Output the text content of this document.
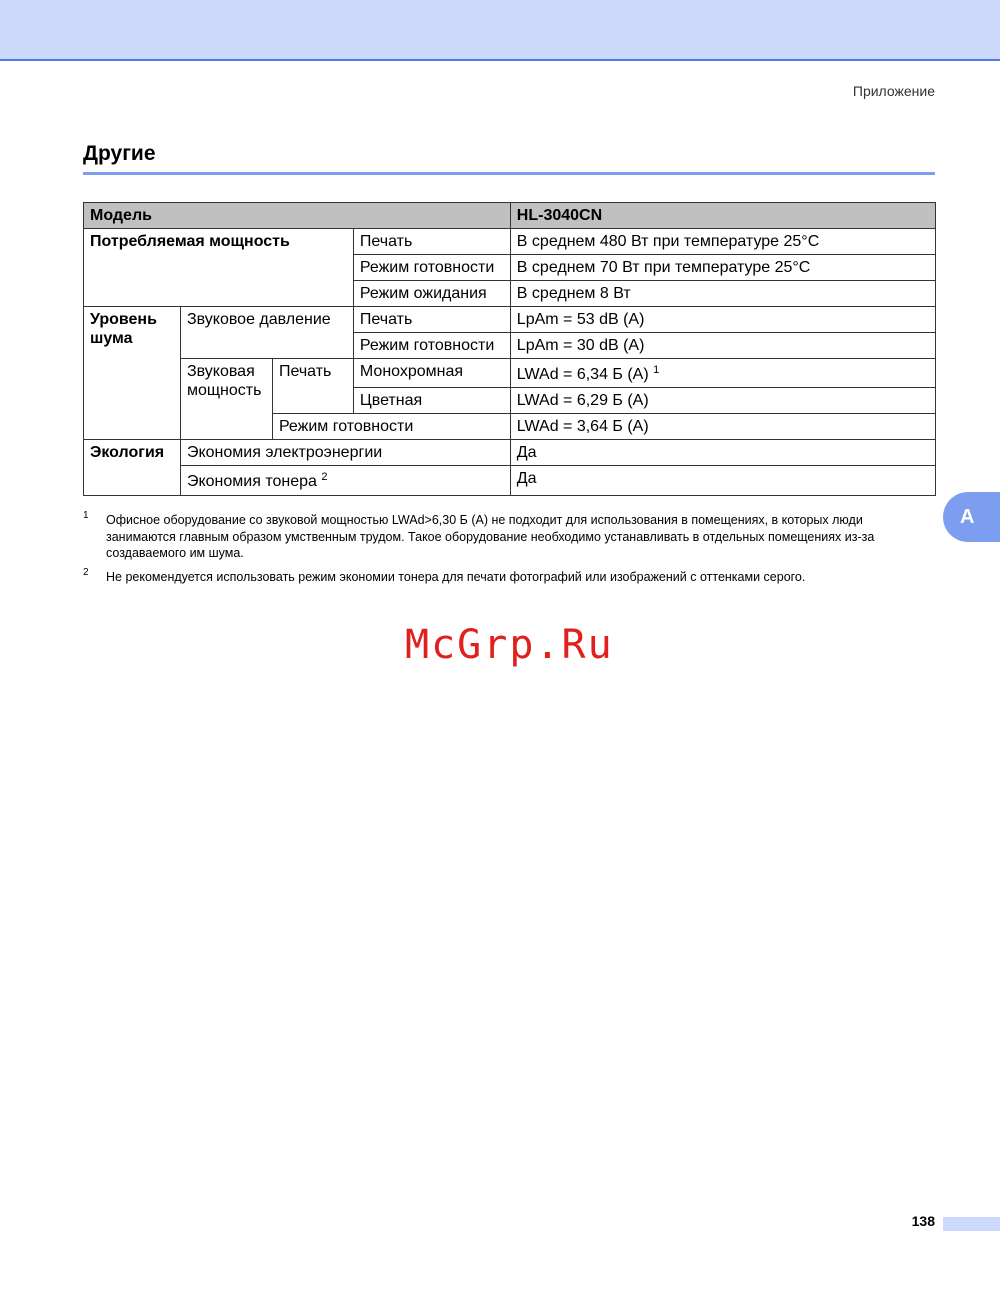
Приложение
Другие
Модель				HL-3040CN
Потребляемая мощность			Печать	В среднем 480 Вт при температуре 25°C
			Режим готовности	В среднем 70 Вт при температуре 25°C
			Режим ожидания	В среднем 8 Вт
Уровень шума	Звуковое давление		Печать	LpAm = 53 dB (A)
			Режим готовности	LpAm = 30 dB (A)
	Звуковая мощность	Печать	Монохромная	LWAd = 6,34 Б (A) $^1$
			Цветная	LWAd = 6,29 Б (A)
		Режим готовности		LWAd = 3,64 Б (A)
Экология	Экономия электроэнергии			Да
	Экономия тонера $^2$			Да
1 Офисное оборудование со звуковой мощностью LWAd>6,30 Б (A) не подходит для использования в помещениях, в которых люди занимаются главным образом умственным трудом. Такое оборудование необходимо устанавливать в отдельных помещениях из-за создаваемого им шума.
2 Не рекомендуется использовать режим экономии тонера для печати фотографий или изображений с оттенками серого.
McGrp.Ru
A
138
